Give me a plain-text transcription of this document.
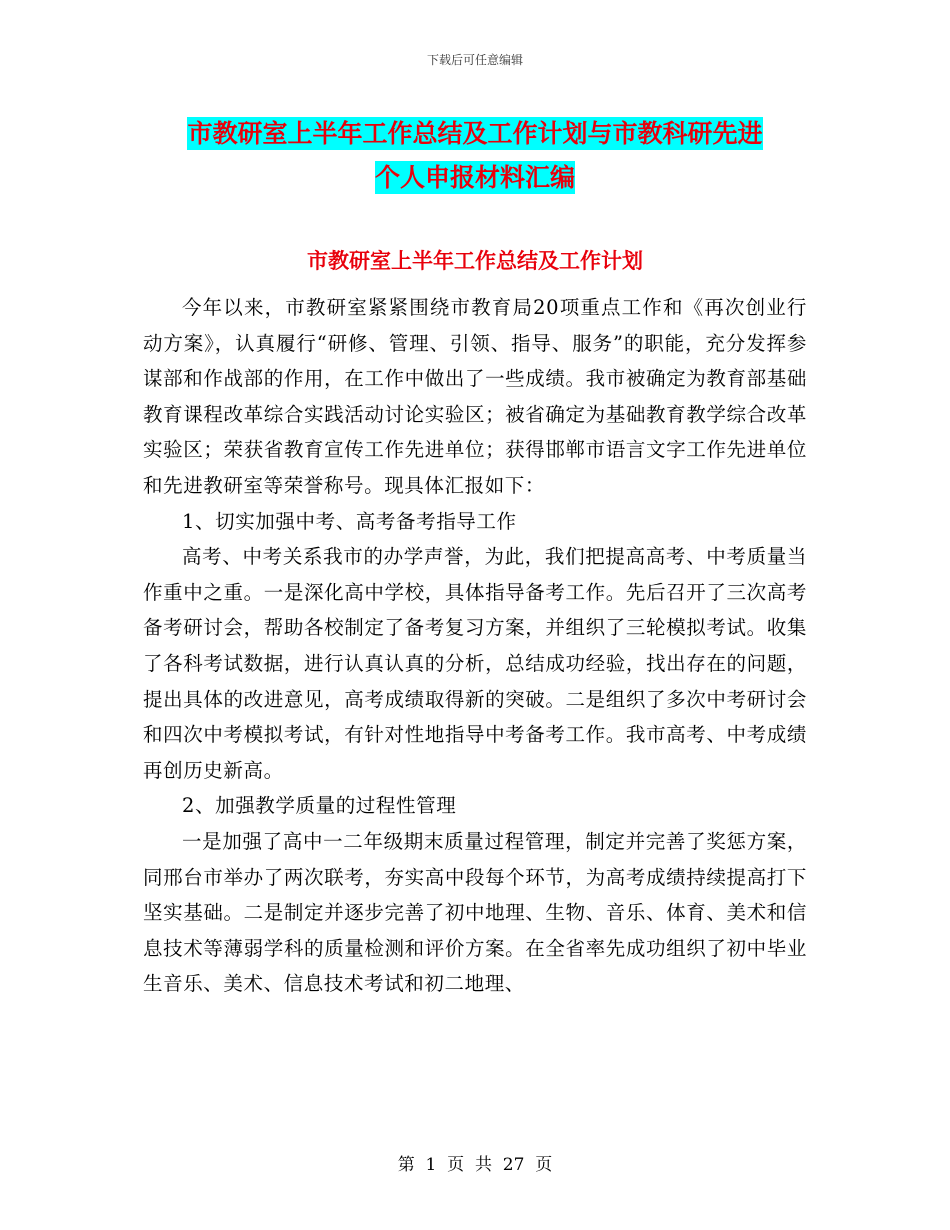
下载后可任意编辑
市教研室上半年工作总结及工作计划与市教科研先进
个人申报材料汇编
市教研室上半年工作总结及工作计划

今年以来，市教研室紧紧围绕市教育局20项重点工作和《再次创业行动方案》，认真履行“研修、管理、引领、指导、服务”的职能，充分发挥参谋部和作战部的作用，在工作中做出了一些成绩。我市被确定为教育部基础教育课程改革综合实践活动讨论实验区；被省确定为基础教育教学综合改革实验区；荣获省教育宣传工作先进单位；获得邯郸市语言文字工作先进单位和先进教研室等荣誉称号。现具体汇报如下：

1、切实加强中考、高考备考指导工作

高考、中考关系我市的办学声誉，为此，我们把提高高考、中考质量当作重中之重。一是深化高中学校，具体指导备考工作。先后召开了三次高考备考研讨会，帮助各校制定了备考复习方案，并组织了三轮模拟考试。收集了各科考试数据，进行认真认真的分析，总结成功经验，找出存在的问题，提出具体的改进意见，高考成绩取得新的突破。二是组织了多次中考研讨会和四次中考模拟考试，有针对性地指导中考备考工作。我市高考、中考成绩再创历史新高。

2、加强教学质量的过程性管理

一是加强了高中一二年级期末质量过程管理，制定并完善了奖惩方案，同邢台市举办了两次联考，夯实高中段每个环节，为高考成绩持续提高打下坚实基础。二是制定并逐步完善了初中地理、生物、音乐、体育、美术和信息技术等薄弱学科的质量检测和评价方案。在全省率先成功组织了初中毕业生音乐、美术、信息技术考试和初二地理、

第  1  页  共  27  页
